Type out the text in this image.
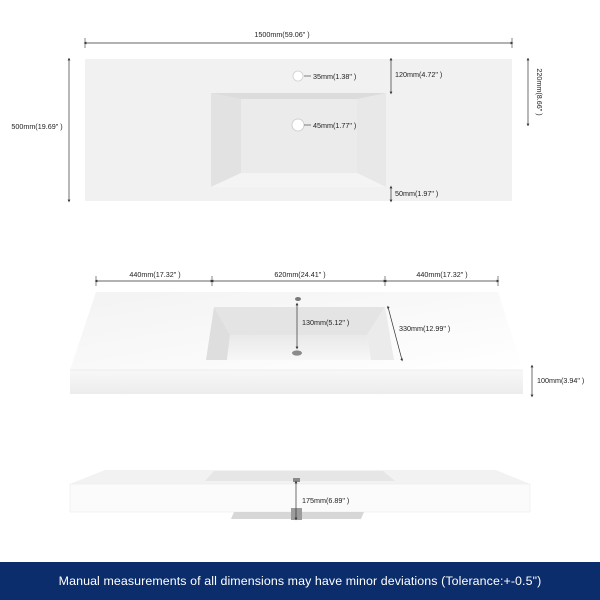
1500mm(59.06" )
500mm(19.69" )
35mm(1.38" )	120mm(4.72" )	220mm(8.66" )
45mm(1.77" )
50mm(1.97" )
440mm(17.32" )	620mm(24.41" )	440mm(17.32" )
130mm(5.12" )
330mm(12.99" )
100mm(3.94" )
175mm(6.89" )
Manual measurements of all dimensions may have minor deviations (Tolerance:+-0.5")
